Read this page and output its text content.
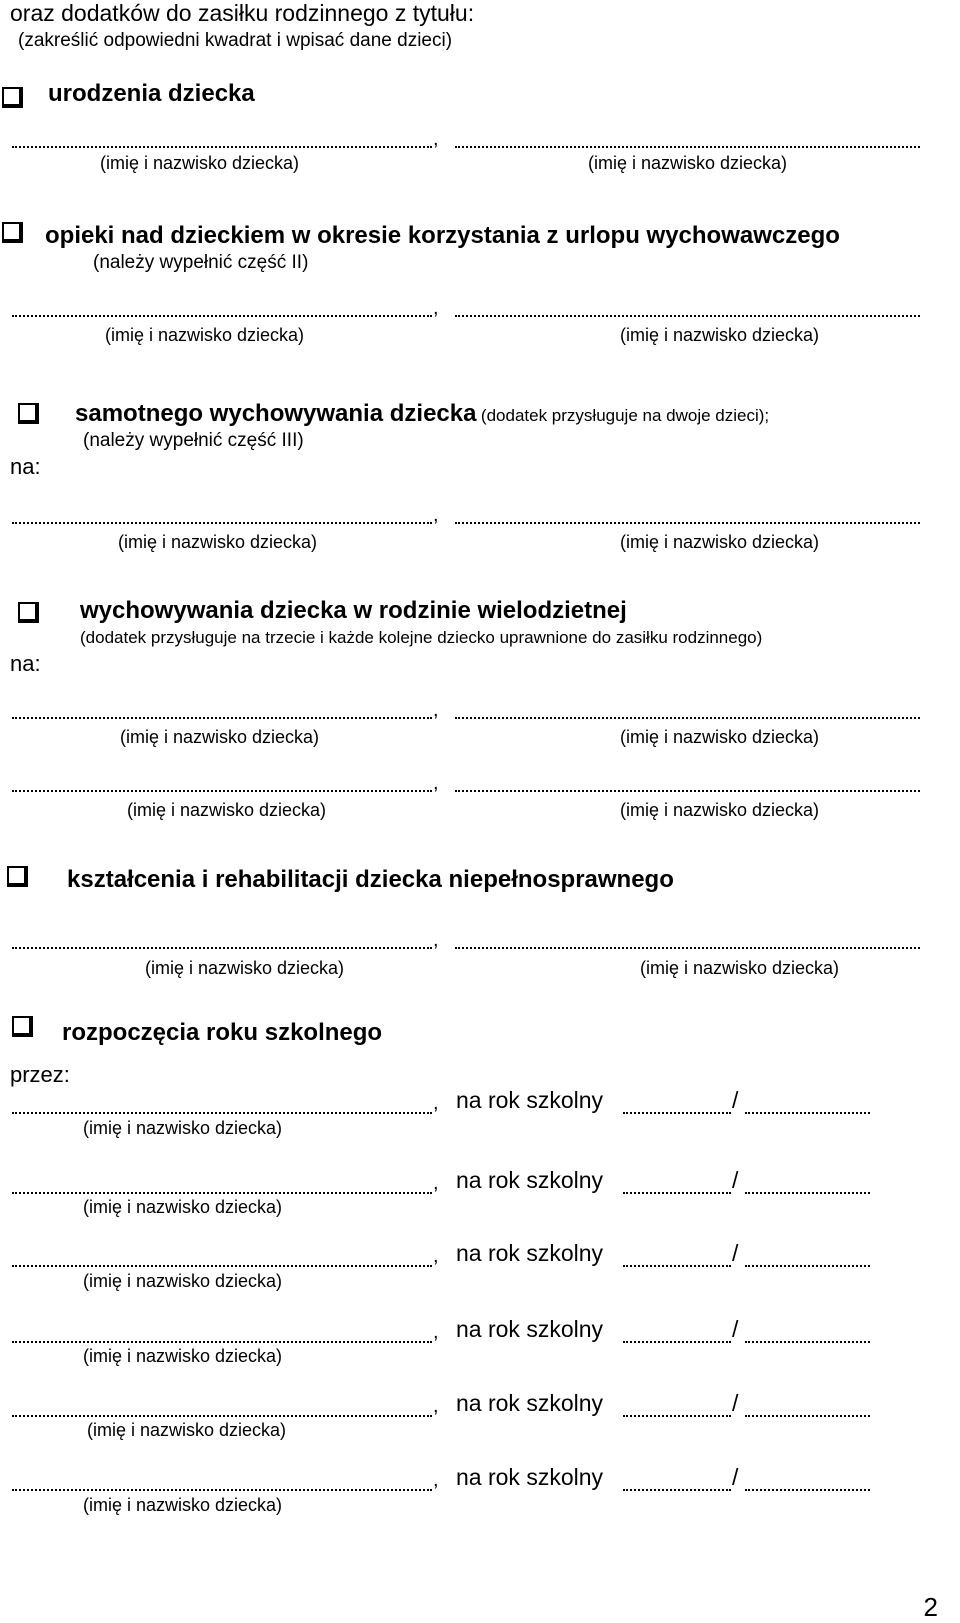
oraz dodatków do zasiłku rodzinnego z tytułu:
(zakreślić odpowiedni kwadrat i wpisać dane dzieci)
urodzenia dziecka
,
(imię i nazwisko dziecka)	(imię i nazwisko dziecka)
opieki nad dzieckiem w okresie korzystania z urlopu wychowawczego
(należy wypełnić część II)
,
(imię i nazwisko dziecka)	(imię i nazwisko dziecka)
samotnego wychowywania dziecka (dodatek przysługuje na dwoje dzieci);
(należy wypełnić część III)
na:
,
(imię i nazwisko dziecka)	(imię i nazwisko dziecka)
wychowywania dziecka w rodzinie wielodzietnej
(dodatek przysługuje na trzecie i każde kolejne dziecko uprawnione do zasiłku rodzinnego)
na:
,
(imię i nazwisko dziecka)	(imię i nazwisko dziecka)
,
(imię i nazwisko dziecka)	(imię i nazwisko dziecka)
kształcenia i rehabilitacji dziecka niepełnosprawnego
,
(imię i nazwisko dziecka)	(imię i nazwisko dziecka)
rozpoczęcia roku szkolnego
przez:
, na rok szkolny	/
(imię i nazwisko dziecka)
, na rok szkolny	/
(imię i nazwisko dziecka)
, na rok szkolny	/
(imię i nazwisko dziecka)
, na rok szkolny	/
(imię i nazwisko dziecka)
, na rok szkolny	/
(imię i nazwisko dziecka)
, na rok szkolny	/
(imię i nazwisko dziecka)
2
